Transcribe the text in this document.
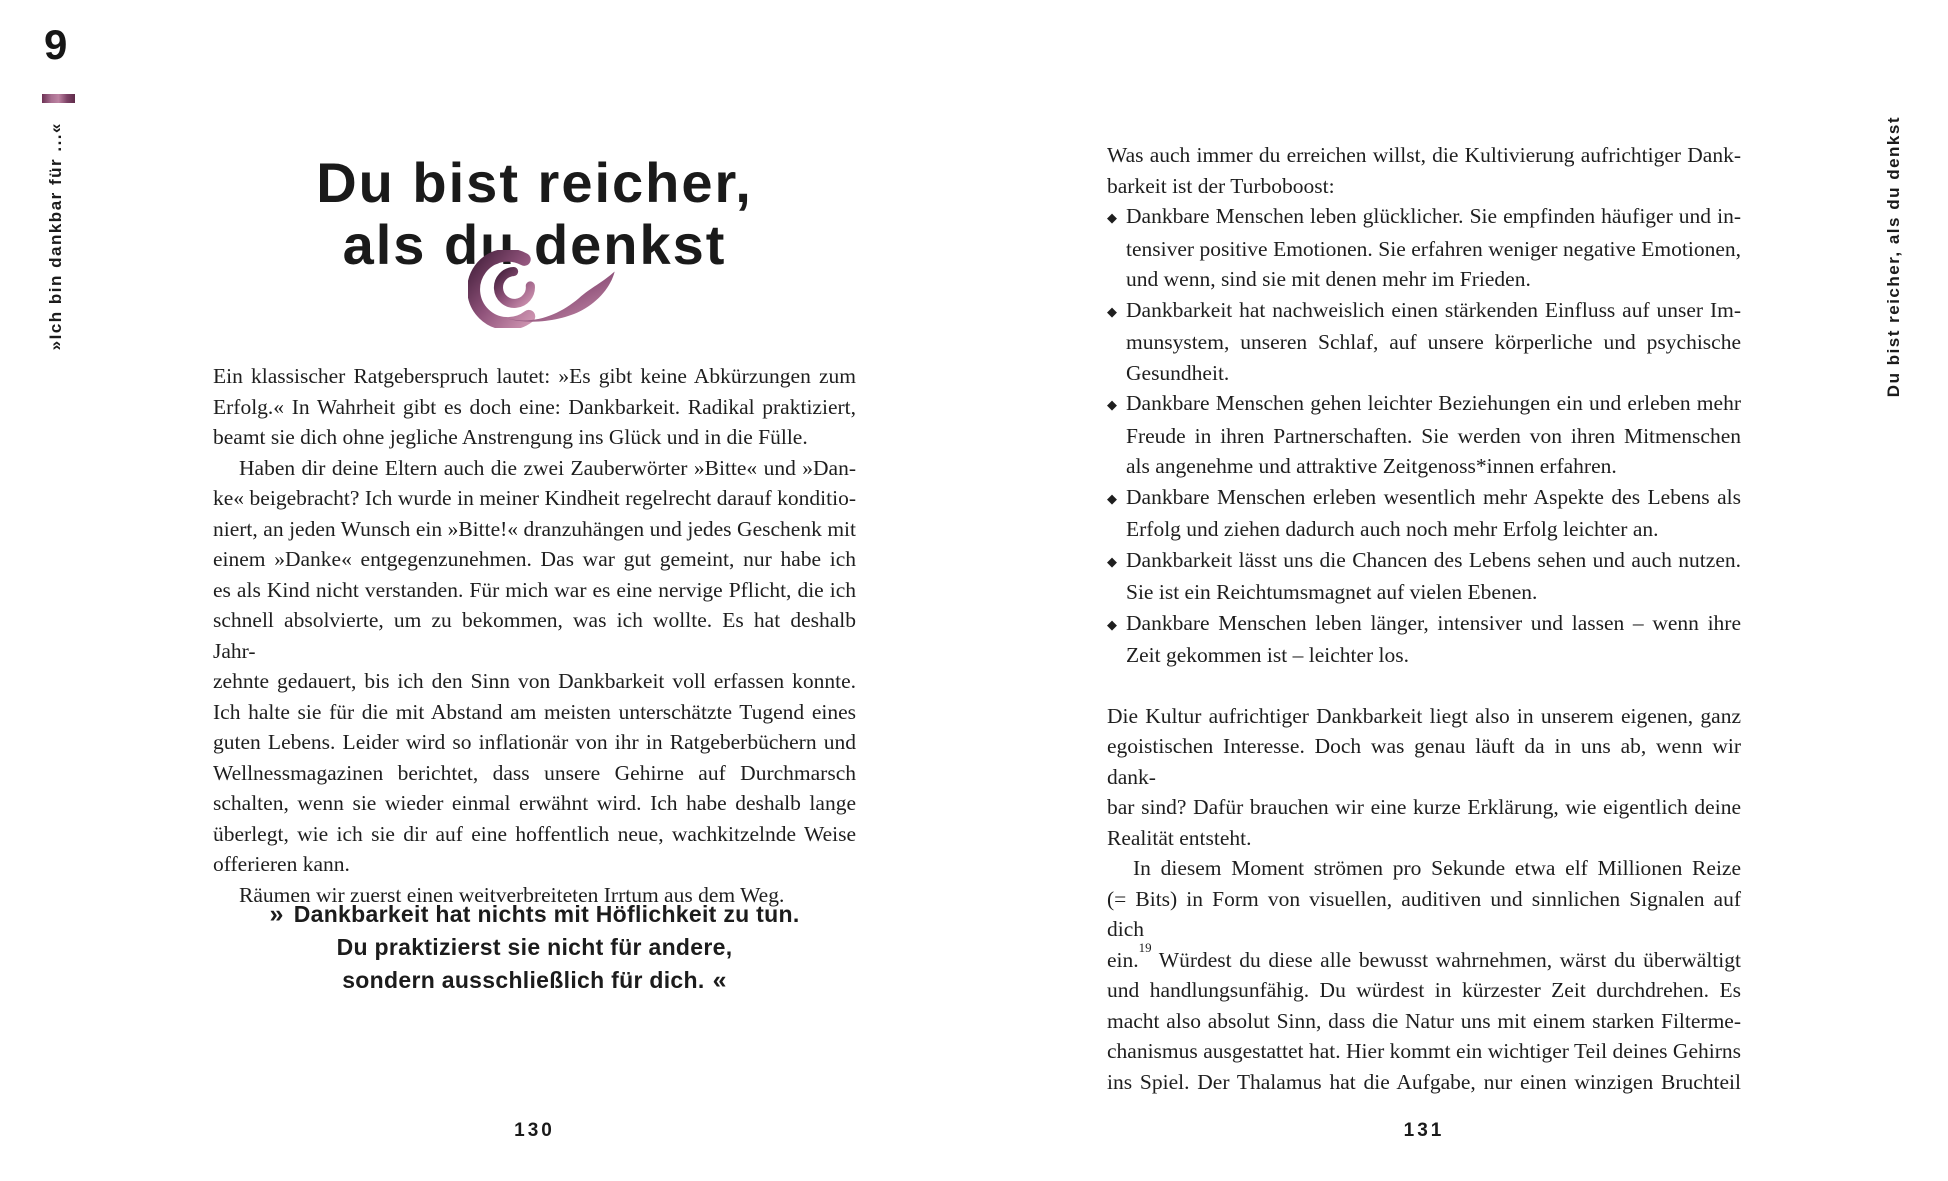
9
»Ich bin dankbar für ...«	Du bist reicher,
als du denkst
Ein klassischer Ratgeberspruch lautet: »Es gibt keine Abkürzungen zum
Erfolg.« In Wahrheit gibt es doch eine: Dankbarkeit. Radikal praktiziert,
beamt sie dich ohne jegliche Anstrengung ins Glück und in die Fülle.
Haben dir deine Eltern auch die zwei Zauberwörter »Bitte« und »Dan-
ke« beigebracht? Ich wurde in meiner Kindheit regelrecht darauf konditio-
niert, an jeden Wunsch ein »Bitte!« dranzuhängen und jedes Geschenk mit
einem »Danke« entgegenzunehmen. Das war gut gemeint, nur habe ich
es als Kind nicht verstanden. Für mich war es eine nervige Pflicht, die ich
schnell absolvierte, um zu bekommen, was ich wollte. Es hat deshalb Jahr-
zehnte gedauert, bis ich den Sinn von Dankbarkeit voll erfassen konnte.
Ich halte sie für die mit Abstand am meisten unterschätzte Tugend eines
guten Lebens. Leider wird so inflationär von ihr in Ratgeberbüchern und
Wellnessmagazinen berichtet, dass unsere Gehirne auf Durchmarsch
schalten, wenn sie wieder einmal erwähnt wird. Ich habe deshalb lange
überlegt, wie ich sie dir auf eine hoffentlich neue, wachkitzelnde Weise
offerieren kann.
Räumen wir zuerst einen weitverbreiteten Irrtum aus dem Weg.
» Dankbarkeit hat nichts mit Höflichkeit zu tun.
Du praktizierst sie nicht für andere,
sondern ausschließlich für dich. «
130
Was auch immer du erreichen willst, die Kultivierung aufrichtiger Dank-
barkeit ist der Turboboost:
◆ Dankbare Menschen leben glücklicher. Sie empfinden häufiger und in-
tensiver positive Emotionen. Sie erfahren weniger negative Emotionen,
und wenn, sind sie mit denen mehr im Frieden.
◆ Dankbarkeit hat nachweislich einen stärkenden Einfluss auf unser Im-
munsystem, unseren Schlaf, auf unsere körperliche und psychische
Gesundheit.
◆ Dankbare Menschen gehen leichter Beziehungen ein und erleben mehr
Freude in ihren Partnerschaften. Sie werden von ihren Mitmenschen
als angenehme und attraktive Zeitgenoss*innen erfahren.
◆ Dankbare Menschen erleben wesentlich mehr Aspekte des Lebens als
Erfolg und ziehen dadurch auch noch mehr Erfolg leichter an.
◆ Dankbarkeit lässt uns die Chancen des Lebens sehen und auch nutzen.
Sie ist ein Reichtumsmagnet auf vielen Ebenen.
◆ Dankbare Menschen leben länger, intensiver und lassen – wenn ihre
Zeit gekommen ist – leichter los.
Die Kultur aufrichtiger Dankbarkeit liegt also in unserem eigenen, ganz
egoistischen Interesse. Doch was genau läuft da in uns ab, wenn wir dank-
bar sind? Dafür brauchen wir eine kurze Erklärung, wie eigentlich deine
Realität entsteht.
In diesem Moment strömen pro Sekunde etwa elf Millionen Reize
(= Bits) in Form von visuellen, auditiven und sinnlichen Signalen auf dich
ein.$^{19}$ Würdest du diese alle bewusst wahrnehmen, wärst du überwältigt
und handlungsunfähig. Du würdest in kürzester Zeit durchdrehen. Es
macht also absolut Sinn, dass die Natur uns mit einem starken Filterme-
chanismus ausgestattet hat. Hier kommt ein wichtiger Teil deines Gehirns
ins Spiel. Der Thalamus hat die Aufgabe, nur einen winzigen Bruchteil
Du bist reicher, als du denkst
131
